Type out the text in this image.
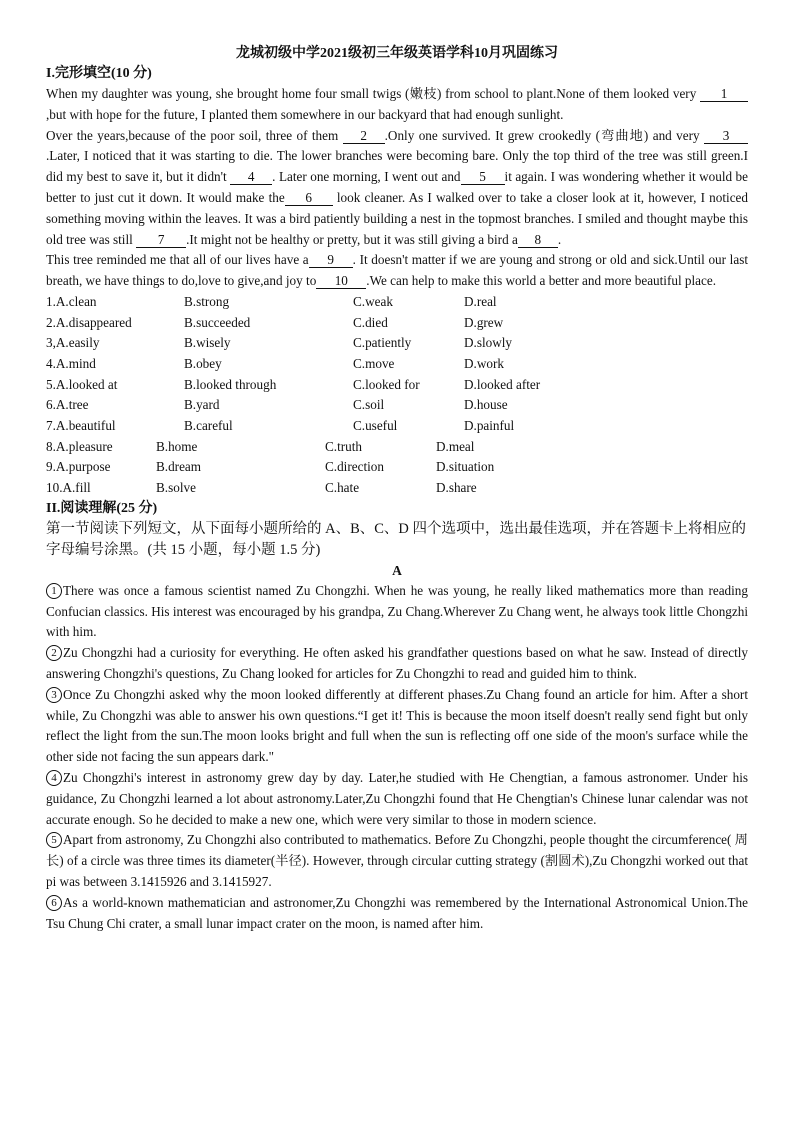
龙城初级中学2021级初三年级英语学科10月巩固练习
I.完形填空(10 分)
When my daughter was young, she brought home four small twigs (嫩枝) from school to plant.None of them looked very 1,but with hope for the future, I planted them somewhere in our backyard that had enough sunlight.
Over the years,because of the poor soil, three of them 2 .Only one survived. It grew crookedly (弯曲地) and very 3.Later, I noticed that it was starting to die. The lower branches were becoming bare. Only the top third of the tree was still green.I did my best to save it, but it didn't 4 . Later one morning, I went out and 5 it again. I was wondering whether it would be better to just cut it down. It would make the 6 look cleaner. As I walked over to take a closer look at it, however, I noticed something moving within the leaves. It was a bird patiently building a nest in the topmost branches. I smiled and thought maybe this old tree was still 7 .It might not be healthy or pretty, but it was still giving a bird a 8 .
This tree reminded me that all of our lives have a 9 . It doesn't matter if we are young and strong or old and sick.Until our last breath, we have things to do,love to give,and joy to 10 .We can help to make this world a better and more beautiful place.
1.A.clean	B.strong	C.weak	D.real
2.A.disappeared	B.succeeded	C.died	D.grew
3,A.easily	B.wisely	C.patiently	D.slowly
4.A.mind	B.obey	C.move	D.work
5.A.looked at	B.looked through	C.looked for	D.looked after
6.A.tree	B.yard	C.soil	D.house
7.A.beautiful	B.careful	C.useful	D.painful
8.A.pleasure	B.home	C.truth	D.meal
9.A.purpose	B.dream	C.direction	D.situation
10.A.fill	B.solve	C.hate	D.share
II.阅读理解(25 分)
第一节阅读下列短文，从下面每小题所给的 A、B、C、D 四个选项中，选出最佳选项，并在答题卡上将相应的字母编号涂黑。(共 15 小题，每小题 1.5 分)
A
1 There was once a famous scientist named Zu Chongzhi. When he was young, he really liked mathematics more than reading Confucian classics. His interest was encouraged by his grandpa, Zu Chang.Wherever Zu Chang went, he always took little Chongzhi with him.
2 Zu Chongzhi had a curiosity for everything. He often asked his grandfather questions based on what he saw. Instead of directly answering Chongzhi's questions, Zu Chang looked for articles for Zu Chongzhi to read and guided him to think.
3 Once Zu Chongzhi asked why the moon looked differently at different phases.Zu Chang found an article for him. After a short while, Zu Chongzhi was able to answer his own questions.“I get it! This is because the moon itself doesn't really send fight but only reflect the light from the sun.The moon looks bright and full when the sun is reflecting off one side of the moon's surface while the other side not facing the sun appears dark."
4 Zu Chongzhi's interest in astronomy grew day by day. Later,he studied with He Chengtian, a famous astronomer. Under his guidance, Zu Chongzhi learned a lot about astronomy.Later,Zu Chongzhi found that He Chengtian's Chinese lunar calendar was not accurate enough. So he decided to make a new one, which were very similar to those in modern science.
5 Apart from astronomy, Zu Chongzhi also contributed to mathematics. Before Zu Chongzhi, people thought the circumference( 周长) of a circle was three times its diameter(半径). However, through circular cutting strategy (割圆术),Zu Chongzhi worked out that pi was between 3.1415926 and 3.1415927.
6 As a world-known mathematician and astronomer,Zu Chongzhi was remembered by the International Astronomical Union.The Tsu Chung Chi crater, a small lunar impact crater on the moon, is named after him.
